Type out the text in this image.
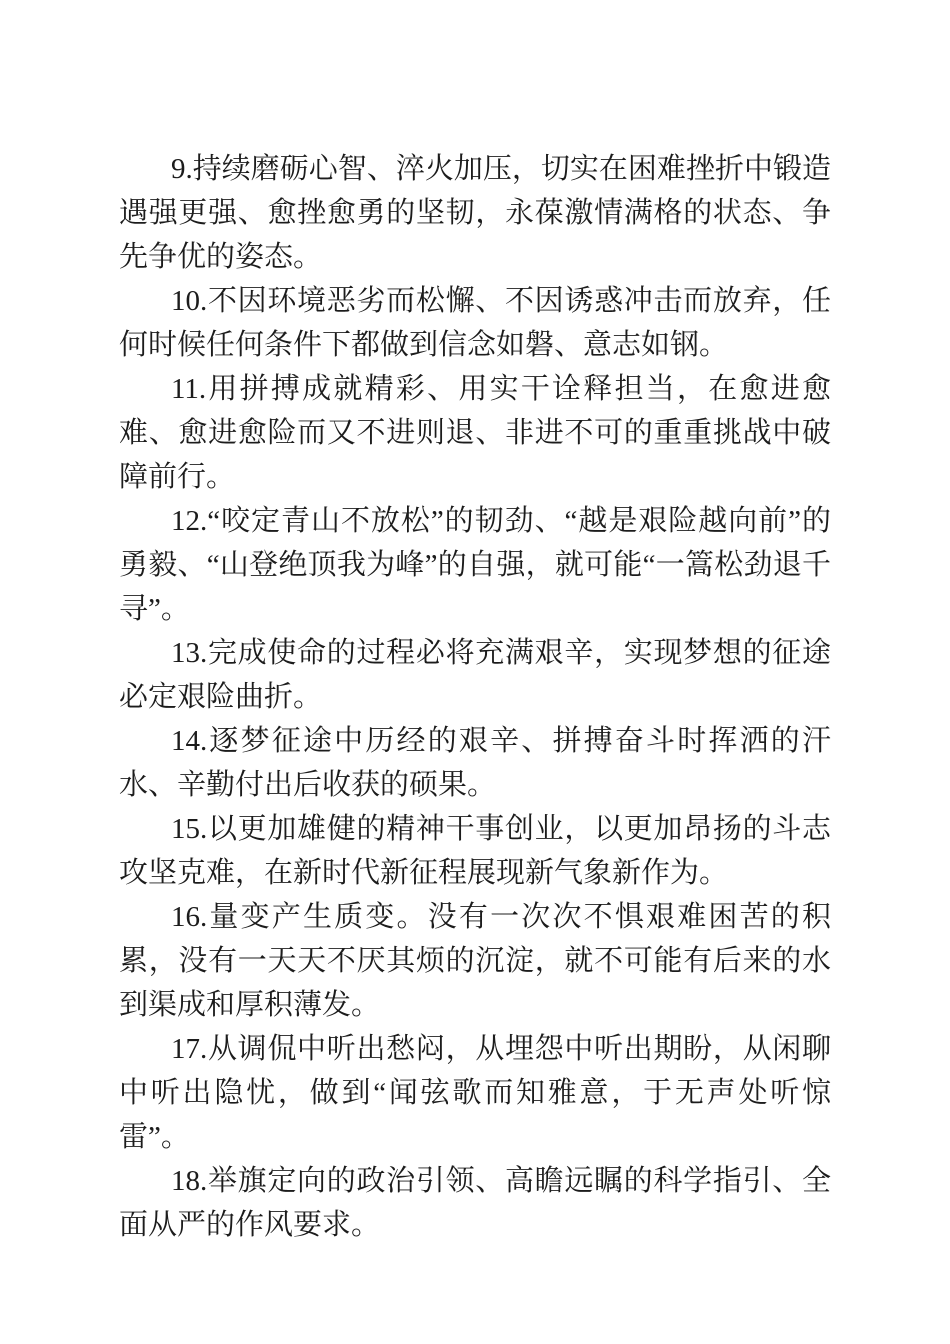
9.持续磨砺心智、淬火加压，切实在困难挫折中锻造遇强更强、愈挫愈勇的坚韧，永葆激情满格的状态、争先争优的姿态。

10.不因环境恶劣而松懈、不因诱惑冲击而放弃，任何时候任何条件下都做到信念如磐、意志如钢。

11.用拼搏成就精彩、用实干诠释担当，在愈进愈难、愈进愈险而又不进则退、非进不可的重重挑战中破障前行。

12.“咬定青山不放松”的韧劲、“越是艰险越向前”的勇毅、“山登绝顶我为峰”的自强，就可能“一篙松劲退千寻”。

13.完成使命的过程必将充满艰辛，实现梦想的征途必定艰险曲折。

14.逐梦征途中历经的艰辛、拼搏奋斗时挥洒的汗水、辛勤付出后收获的硕果。

15.以更加雄健的精神干事创业，以更加昂扬的斗志攻坚克难，在新时代新征程展现新气象新作为。

16.量变产生质变。没有一次次不惧艰难困苦的积累，没有一天天不厌其烦的沉淀，就不可能有后来的水到渠成和厚积薄发。

17.从调侃中听出愁闷，从埋怨中听出期盼，从闲聊中听出隐忧，做到“闻弦歌而知雅意，于无声处听惊雷”。

18.举旗定向的政治引领、高瞻远瞩的科学指引、全面从严的作风要求。
